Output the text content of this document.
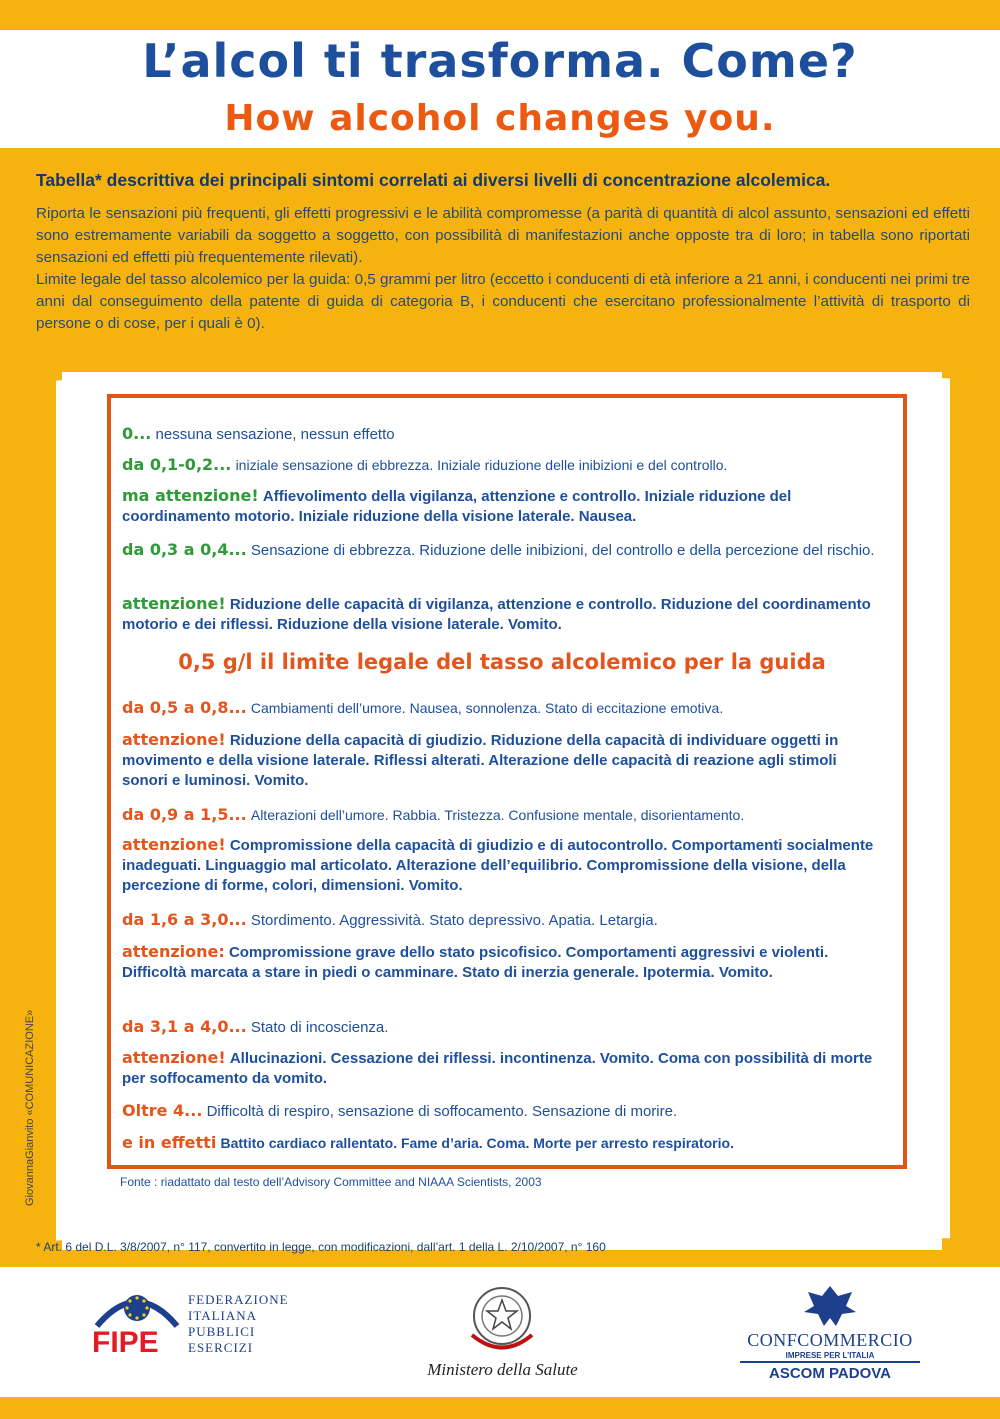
L’alcol ti trasforma. Come?
How alcohol changes you.
Tabella* descrittiva dei principali sintomi correlati ai diversi livelli di concentrazione alcolemica.

Riporta le sensazioni più frequenti, gli effetti progressivi e le abilità compromesse (a parità di quantità di alcol assunto, sensazioni ed effetti sono estremamente variabili da soggetto a soggetto, con possibilità di manifestazioni anche opposte tra di loro; in tabella sono riportati sensazioni ed effetti più frequentemente rilevati).

Limite legale del tasso alcolemico per la guida: 0,5 grammi per litro (eccetto i conducenti di età inferiore a 21 anni, i conducenti nei primi tre anni dal conseguimento della patente di guida di categoria B, i conducenti che esercitano professionalmente l’attività di trasporto di persone o di cose, per i quali è 0).

0... nessuna sensazione, nessun effetto
da 0,1-0,2... iniziale sensazione di ebbrezza. Iniziale riduzione delle inibizioni e del controllo.
ma attenzione! Affievolimento della vigilanza, attenzione e controllo. Iniziale riduzione del coordinamento motorio. Iniziale riduzione della visione laterale. Nausea.
da 0,3 a 0,4... Sensazione di ebbrezza. Riduzione delle inibizioni, del controllo e della percezione del rischio.
attenzione! Riduzione delle capacità di vigilanza, attenzione e controllo. Riduzione del coordinamento motorio e dei riflessi. Riduzione della visione laterale. Vomito.
0,5 g/l il limite legale del tasso alcolemico per la guida
da 0,5 a 0,8... Cambiamenti dell’umore. Nausea, sonnolenza. Stato di eccitazione emotiva.
attenzione! Riduzione della capacità di giudizio. Riduzione della capacità di individuare oggetti in movimento e della visione laterale. Riflessi alterati. Alterazione delle capacità di reazione agli stimoli sonori e luminosi. Vomito.
da 0,9 a 1,5... Alterazioni dell’umore. Rabbia. Tristezza. Confusione mentale, disorientamento.
attenzione! Compromissione della capacità di giudizio e di autocontrollo. Comportamenti socialmente inadeguati. Linguaggio mal articolato. Alterazione dell’equilibrio. Compromissione della visione, della percezione di forme, colori, dimensioni. Vomito.
da 1,6 a 3,0... Stordimento. Aggressività. Stato depressivo. Apatia. Letargia.
attenzione: Compromissione grave dello stato psicofisico. Comportamenti aggressivi e violenti. Difficoltà marcata a stare in piedi o camminare. Stato di inerzia generale. Ipotermia. Vomito.
da 3,1 a 4,0... Stato di incoscienza.
attenzione! Allucinazioni. Cessazione dei riflessi. incontinenza. Vomito. Coma con possibilità di morte per soffocamento da vomito.
Oltre 4... Difficoltà di respiro, sensazione di soffocamento. Sensazione di morire.
e in effetti Battito cardiaco rallentato. Fame d’aria. Coma. Morte per arresto respiratorio.
Fonte : riadattato dal testo dell’Advisory Committee and NIAAA Scientists, 2003
* Art. 6 del D.L. 3/8/2007, n° 117, convertito in legge, con modificazioni, dall’art. 1 della L. 2/10/2007, n° 160
GiovannaGianvito «COMUNICAZIONE»
FIPE
FEDERAZIONE
ITALIANA
PUBBLICI
ESERCIZI
Ministero della Salute
CONFCOMMERCIO
IMPRESE PER L’ITALIA
ASCOM PADOVA
